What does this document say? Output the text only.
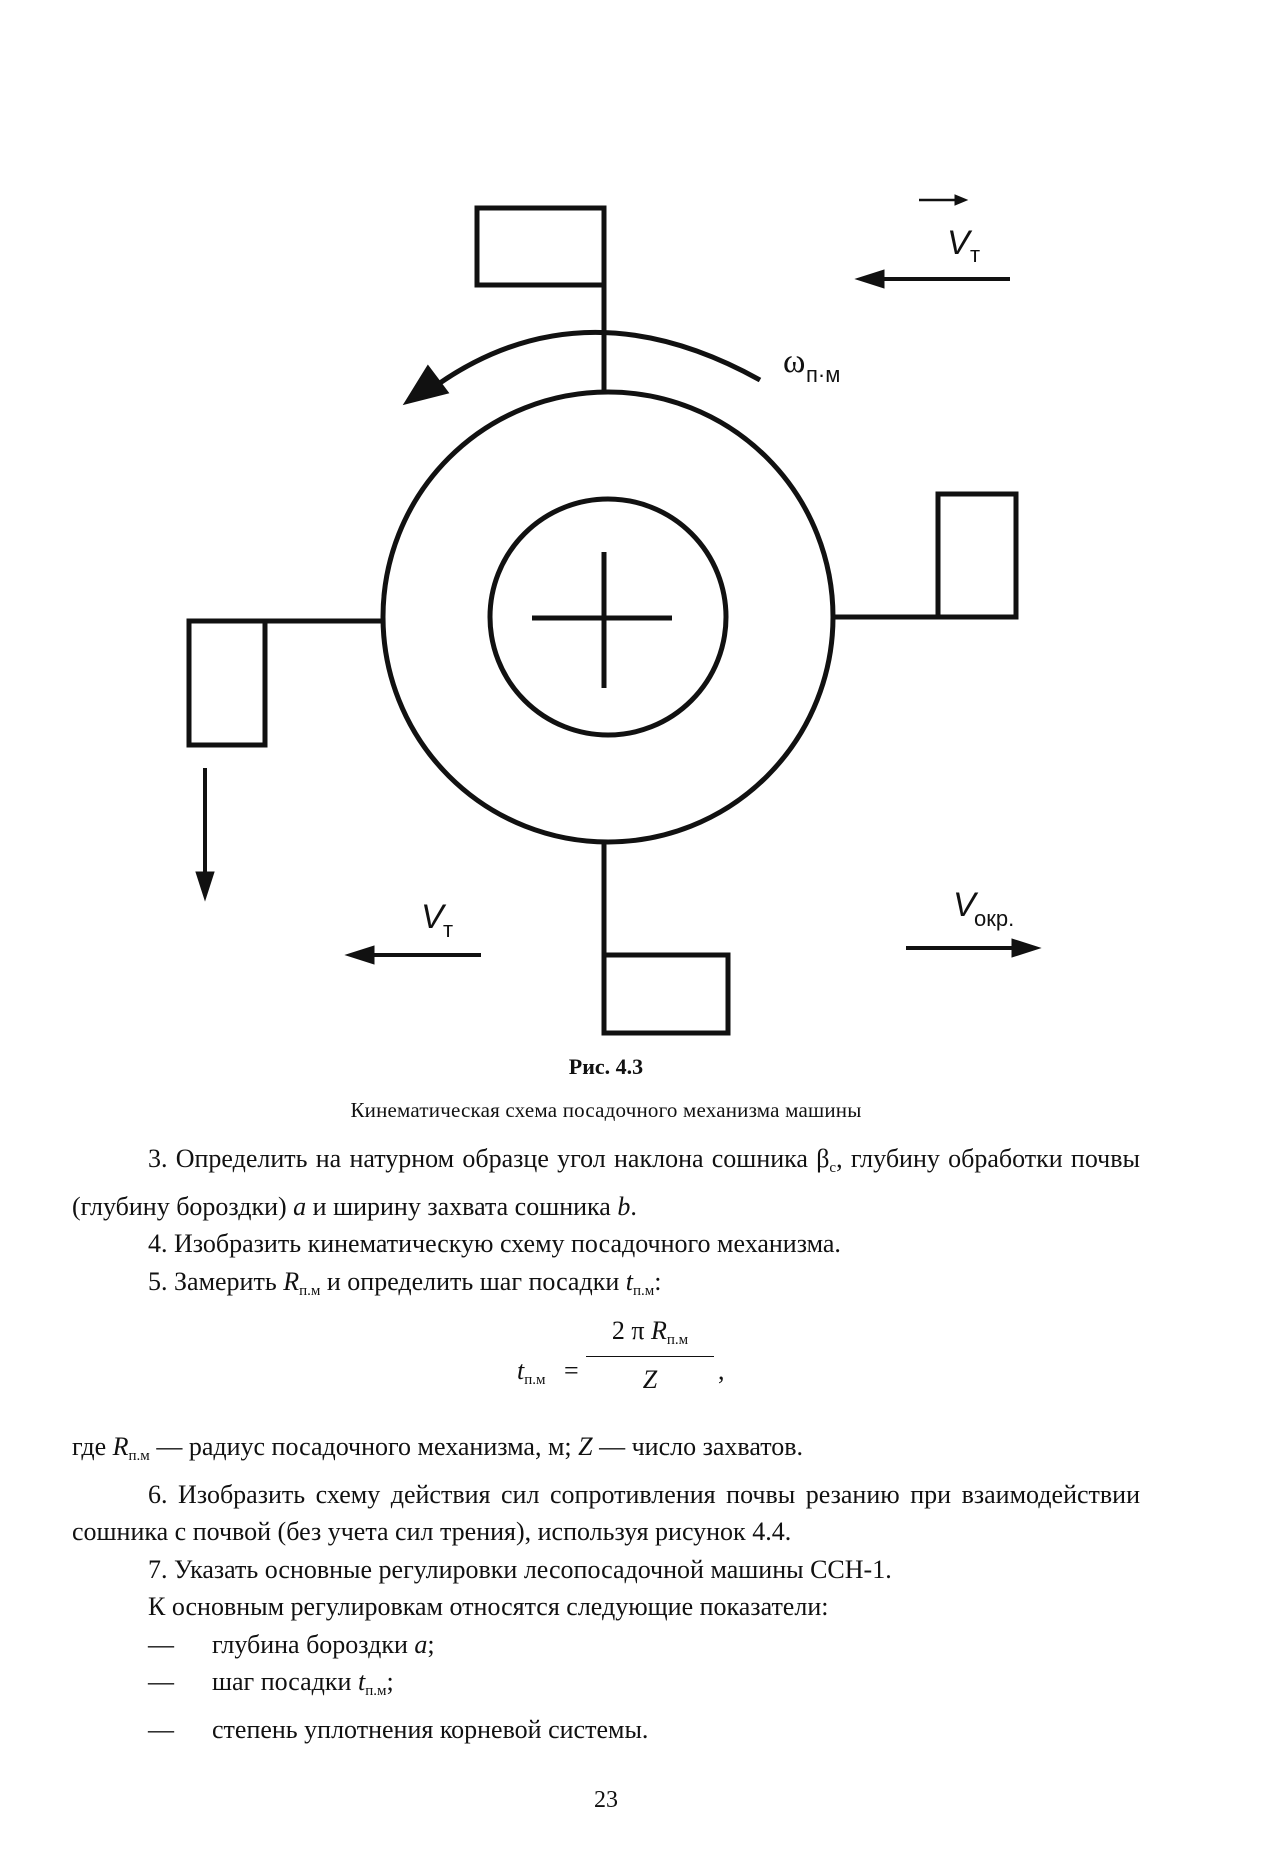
V т
ω п·м
V т
V
окр.
Рис. 4.3
Кинематическая схема посадочного механизма машины

3. Определить на натурном образце угол наклона сошника $\beta_с$, глубину обработки почвы (глубину бороздки) a и ширину захвата сошника b.

4. Изобразить кинематическую схему посадочного механизма.

5. Замерить $R_{п.м}$ и определить шаг посадки $t_{п.м}$:

$t_{п.м}$ =
2 π $R_{п.м}$
Z	,

где $R_{п.м}$ — радиус посадочного механизма, м; Z — число захватов.

6. Изобразить схему действия сил сопротивления почвы резанию при взаимодействии сошника с почвой (без учета сил трения), используя рисунок 4.4.

7. Указать основные регулировки лесопосадочной машины ССН-1.

К основным регулировкам относятся следующие показатели:

— глубина бороздки a;

— шаг посадки $t_{п.м}$;

— степень уплотнения корневой системы.

23
